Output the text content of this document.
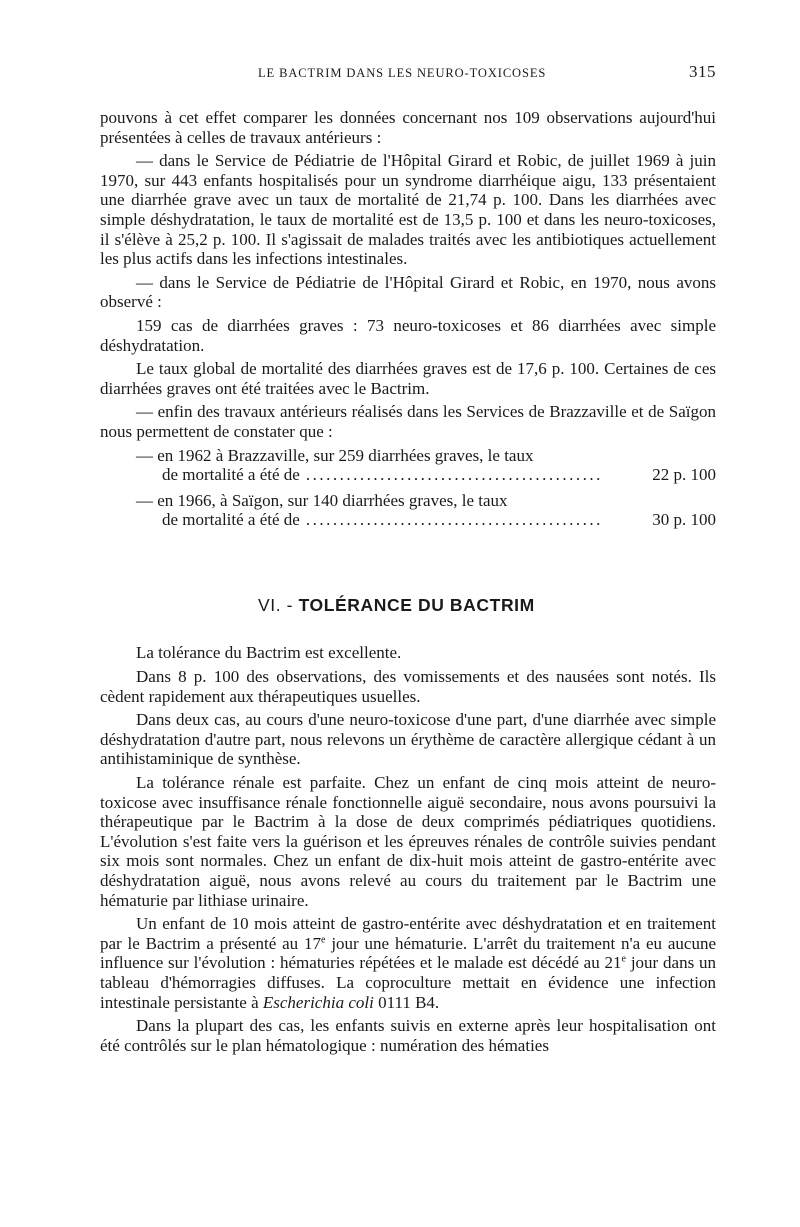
LE BACTRIM DANS LES NEURO-TOXICOSES	315

pouvons à cet effet comparer les données concernant nos 109 observations aujourd'hui présentées à celles de travaux antérieurs :

— dans le Service de Pédiatrie de l'Hôpital Girard et Robic, de juillet 1969 à juin 1970, sur 443 enfants hospitalisés pour un syndrome diarrhéique aigu, 133 présentaient une diarrhée grave avec un taux de mortalité de 21,74 p. 100. Dans les diarrhées avec simple déshydratation, le taux de mortalité est de 13,5 p. 100 et dans les neuro-toxicoses, il s'élève à 25,2 p. 100. Il s'agissait de malades traités avec les antibiotiques actuellement les plus actifs dans les infections intestinales.

— dans le Service de Pédiatrie de l'Hôpital Girard et Robic, en 1970, nous avons observé :

159 cas de diarrhées graves : 73 neuro-toxicoses et 86 diarrhées avec simple déshydratation.

Le taux global de mortalité des diarrhées graves est de 17,6 p. 100. Certaines de ces diarrhées graves ont été traitées avec le Bactrim.

— enfin des travaux antérieurs réalisés dans les Services de Brazzaville et de Saïgon nous permettent de constater que :

— en 1962 à Brazzaville, sur 259 diarrhées graves, le taux
de mortalité a été de ............................................	22 p. 100
— en 1966, à Saïgon, sur 140 diarrhées graves, le taux
de mortalité a été de ............................................	30 p. 100
VI. - TOLÉRANCE DU BACTRIM

La tolérance du Bactrim est excellente.

Dans 8 p. 100 des observations, des vomissements et des nausées sont notés. Ils cèdent rapidement aux thérapeutiques usuelles.

Dans deux cas, au cours d'une neuro-toxicose d'une part, d'une diarrhée avec simple déshydratation d'autre part, nous relevons un érythème de caractère allergique cédant à un antihistaminique de synthèse.

La tolérance rénale est parfaite. Chez un enfant de cinq mois atteint de neuro-toxicose avec insuffisance rénale fonctionnelle aiguë secondaire, nous avons poursuivi la thérapeutique par le Bactrim à la dose de deux comprimés pédiatriques quotidiens. L'évolution s'est faite vers la guérison et les épreuves rénales de contrôle suivies pendant six mois sont normales. Chez un enfant de dix-huit mois atteint de gastro-entérite avec déshydratation aiguë, nous avons relevé au cours du traitement par le Bactrim une hématurie par lithiase urinaire.

Un enfant de 10 mois atteint de gastro-entérite avec déshydratation et en traitement par le Bactrim a présenté au 17e jour une hématurie. L'arrêt du traitement n'a eu aucune influence sur l'évolution : hématuries répétées et le malade est décédé au 21e jour dans un tableau d'hémorragies diffuses. La coproculture mettait en évidence une infection intestinale persistante à Escherichia coli 0111 B4.

Dans la plupart des cas, les enfants suivis en externe après leur hospitalisation ont été contrôlés sur le plan hématologique : numération des hématies
